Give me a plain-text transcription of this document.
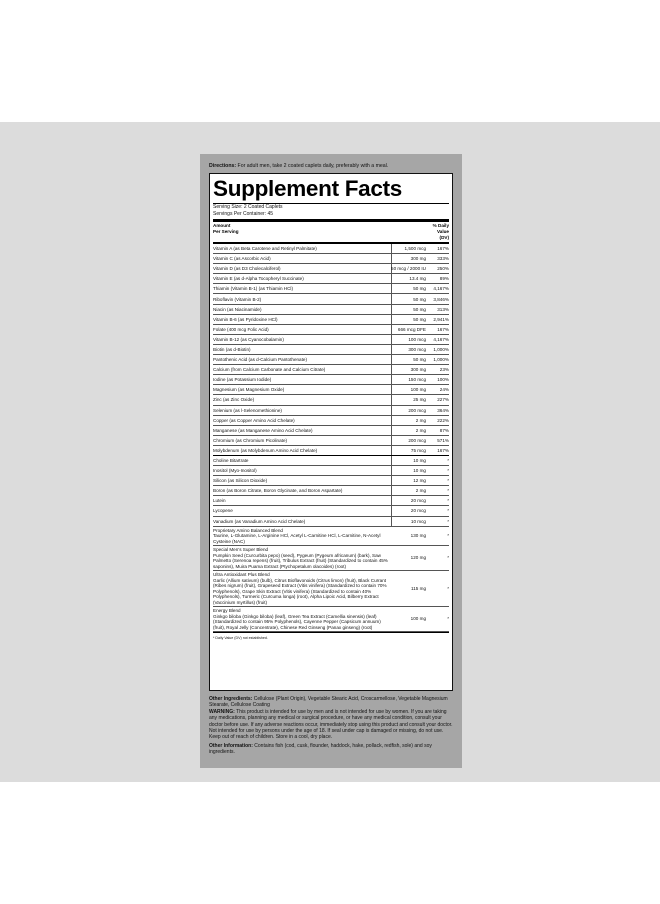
Directions: For adult men, take 2 coated caplets daily, preferably with a meal.
Supplement Facts
Serving Size: 2 Coated Caplets
Servings Per Container: 45
Amount
Per Serving
% Daily
Value
(DV)
Vitamin A (as Beta Carotene and Retinyl Palmitate)	1,500 mcg	167%
Vitamin C (as Ascorbic Acid)	300 mg	333%
Vitamin D (as D3 Cholecalciferol)	50 mcg / 2000 IU	250%
Vitamin E (as d-Alpha Tocopheryl Succinate)	13.4 mg	89%
Thiamin (Vitamin B-1) (as Thiamin HCl)	50 mg	4,167%
Riboflavin (Vitamin B-2)	50 mg	3,846%
Niacin (as Niacinamide)	50 mg	313%
Vitamin B-6 (as Pyridoxine HCl)	50 mg	2,941%
Folate (400 mcg Folic Acid)	666 mcg DFE	167%
Vitamin B-12 (as Cyanocobalamin)	100 mcg	4,167%
Biotin (as d-Biotin)	300 mcg	1,000%
Pantothenic Acid (as d-Calcium Pantothenate)	50 mg	1,000%
Calcium (from Calcium Carbonate and Calcium Citrate)	300 mg	23%
Iodine (as Potassium Iodide)	150 mcg	100%
Magnesium (as Magnesium Oxide)	100 mg	24%
Zinc (as Zinc Oxide)	25 mg	227%
Selenium (as l-Selenomethionine)	200 mcg	364%
Copper (as Copper Amino Acid Chelate)	2 mg	222%
Manganese (as Manganese Amino Acid Chelate)	2 mg	87%
Chromium (as Chromium Picolinate)	200 mcg	571%
Molybdenum (as Molybdenum Amino Acid Chelate)	75 mcg	167%
Choline Bitartrate	10 mg	*
Inositol (Myo-Inositol)	10 mg	*
Silicon (as Silicon Dioxide)	12 mg	*
Boron (as Boron Citrate, Boron Glycinate, and Boron Aspartate)	2 mg	*
Lutein	20 mcg	*
Lycopene	20 mcg	*
Vanadium (as Vanadium Amino Acid Chelate)	10 mcg	*
Proprietary Amino Balanced Blend
Taurine, L-Glutamine, L-Arginine HCl, Acetyl L-Carnitine HCl, L-Carnitine, N-Acetyl Cysteine (NAC)
130 mg	*
Special Men’s Super Blend
Pumpkin Seed (Curcurbita pepo) (seed), Pygeum (Pygeum africanum) (bark), Saw Palmetto (Serenoa repens) (fruit), Tribulus Extract (fruit) (Standardized to contain 45% saponins), Muira Puama Extract (Ptychopetalum olacoides) (root)
120 mg	*
Ultra Antioxidant Plus Blend
Garlic (Allium sativum) (bulb), Citrus Bioflavonoids (Citrus limon) (fruit), Black Currant (Ribes nigrum) (fruit), Grapeseed Extract (Vitis vinifera) (Standardized to contain 70% Polyphenols), Grape Skin Extract (Vitis vinifera) (Standardized to contain 40% Polyphenols), Turmeric (Curcuma longa) (root), Alpha Lipoic Acid, Bilberry Extract (Vaccinium myrtillus) (fruit)
115 mg	*
Energy Blend
Ginkgo biloba (Ginkgo biloba) (leaf), Green Tea Extract (Camellia sinensis) (leaf) (Standardized to contain 95% Polyphenols), Cayenne Pepper (Capsicum annuum) (fruit), Royal Jelly (Concentrate), Chinese Red Ginseng (Panax ginseng) (root)
100 mg	*
* Daily Value (DV) not established.
Other Ingredients: Cellulose (Plant Origin), Vegetable Stearic Acid, Croscarmellose, Vegetable Magnesium Stearate, Cellulose Coating
WARNING: This product is intended for use by men and is not intended for use by women. If you are taking any medications, planning any medical or surgical procedure, or have any medical condition, consult your doctor before use. If any adverse reactions occur, immediately stop using this product and consult your doctor. Not intended for use by persons under the age of 18. If seal under cap is damaged or missing, do not use. Keep out of reach of children. Store in a cool, dry place.
Other Information: Contains fish (cod, cusk, flounder, haddock, hake, pollack, redfish, sole) and soy ingredients.
